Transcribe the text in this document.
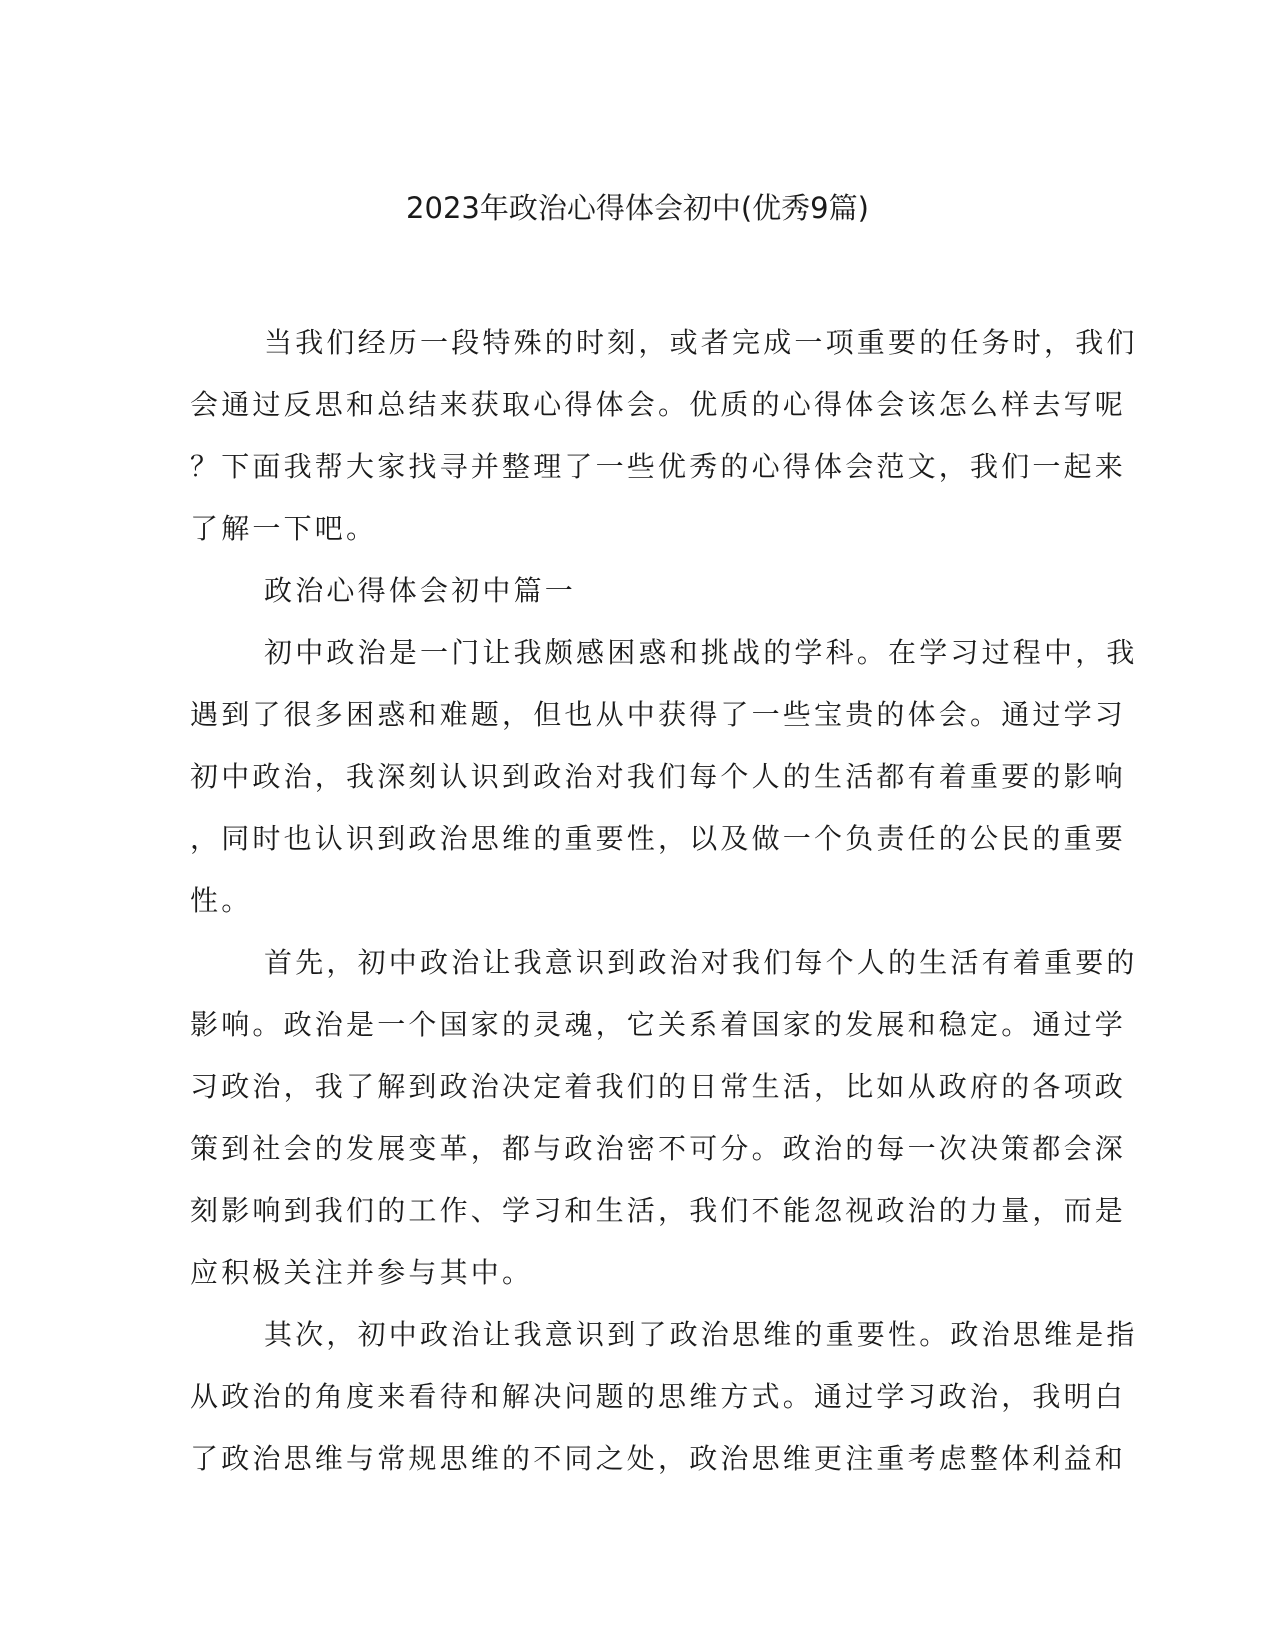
2023年政治心得体会初中(优秀9篇)
当我们经历一段特殊的时刻，或者完成一项重要的任务时，我们
会通过反思和总结来获取心得体会。优质的心得体会该怎么样去写呢
？下面我帮大家找寻并整理了一些优秀的心得体会范文，我们一起来
了解一下吧。
政治心得体会初中篇一
初中政治是一门让我颇感困惑和挑战的学科。在学习过程中，我
遇到了很多困惑和难题，但也从中获得了一些宝贵的体会。通过学习
初中政治，我深刻认识到政治对我们每个人的生活都有着重要的影响
，同时也认识到政治思维的重要性，以及做一个负责任的公民的重要
性。
首先，初中政治让我意识到政治对我们每个人的生活有着重要的
影响。政治是一个国家的灵魂，它关系着国家的发展和稳定。通过学
习政治，我了解到政治决定着我们的日常生活，比如从政府的各项政
策到社会的发展变革，都与政治密不可分。政治的每一次决策都会深
刻影响到我们的工作、学习和生活，我们不能忽视政治的力量，而是
应积极关注并参与其中。
其次，初中政治让我意识到了政治思维的重要性。政治思维是指
从政治的角度来看待和解决问题的思维方式。通过学习政治，我明白
了政治思维与常规思维的不同之处，政治思维更注重考虑整体利益和
